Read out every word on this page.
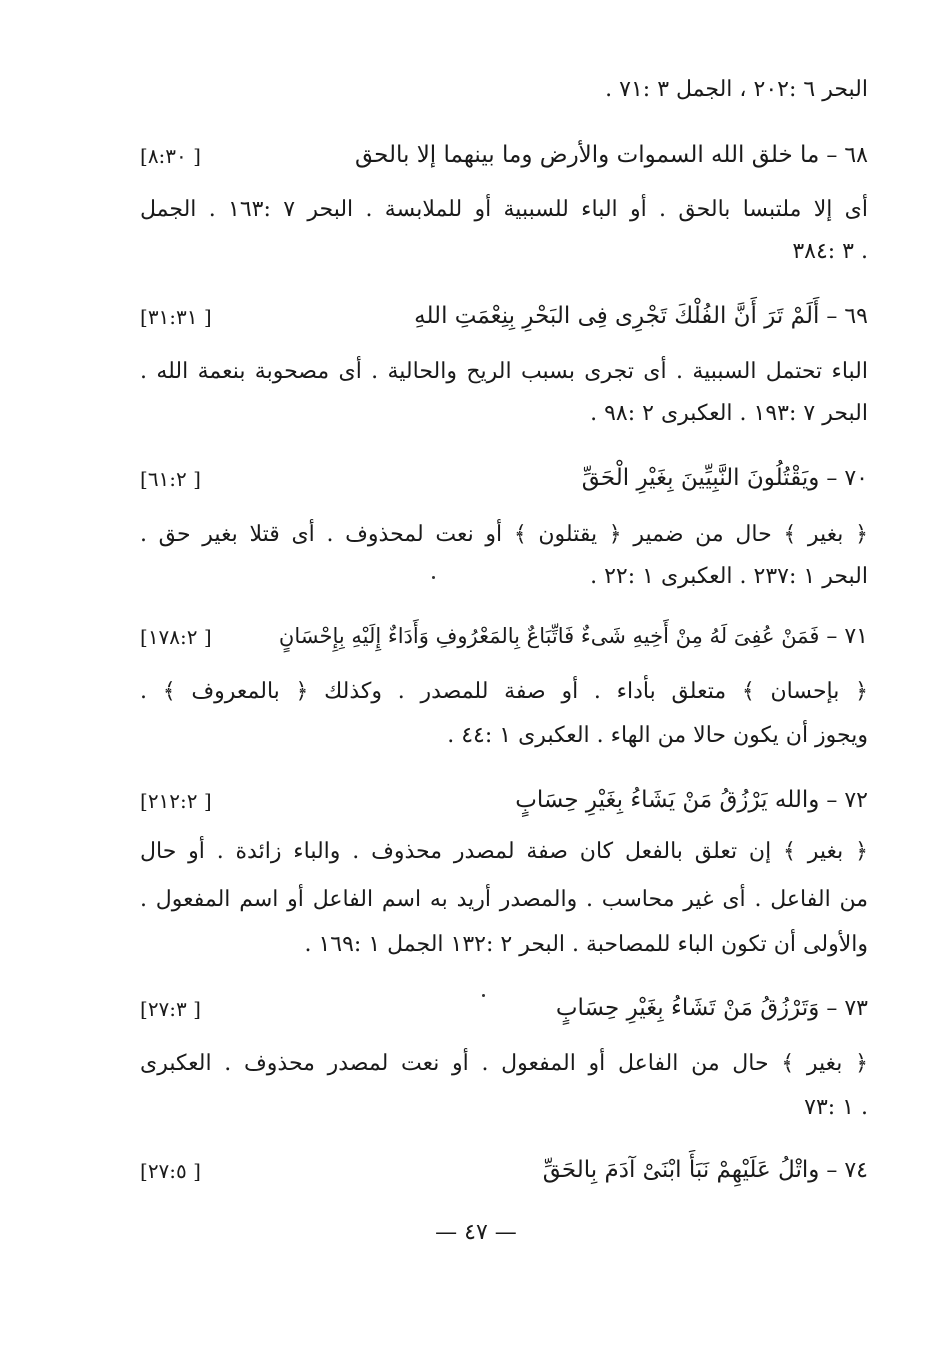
البحر ٦ :٢٠٢ ، الجمل ٣ :٧١ .
٦٨ – ما خلق الله السموات والأرض وما بينهما إلا بالحق
[٨:٣٠ ]
أى إلا ملتبسا بالحق . أو الباء للسببية أو للملابسة . البحر ٧ :١٦٣ . الجمل
. ٣ :٣٨٤
٦٩ – أَلَمْ تَرَ أَنَّ الفُلْكَ تَجْرِى فِى البَحْرِ بِنِعْمَتِ اللهِ
[٣١:٣١ ]
الباء تحتمل السببية . أى تجرى بسبب الريح والحالية . أى مصحوبة بنعمة الله .
البحر ٧ :١٩٣ . العكبرى ٢ :٩٨ .
٧٠ – ويَقْتُلُونَ النَّبِيِّينَ بِغَيْرِ الْحَقِّ
[٦١:٢ ]
﴿ بغير ﴾ حال من ضمير ﴿ يقتلون ﴾ أو نعت لمحذوف . أى قتلا بغير حق .
البحر ١ :٢٣٧ . العكبرى ١ :٢٢ .
٧١ – فَمَنْ عُفِىَ لَهُ مِنْ أَخِيهِ شَىءٌ فَاتِّبَاعٌ بِالمَعْرُوفِ وَأَدَاءٌ إِلَيْهِ بِإِحْسَانٍ
[١٧٨:٢ ]
﴿ بإحسان ﴾ متعلق بأداء . أو صفة للمصدر . وكذلك ﴿ بالمعروف ﴾ .
ويجوز أن يكون حالا من الهاء . العكبرى ١ :٤٤ .
٧٢ – والله يَرْزُقُ مَنْ يَشَاءُ بِغَيْرِ حِسَابٍ
[٢١٢:٢ ]
﴿ بغير ﴾ إن تعلق بالفعل كان صفة لمصدر محذوف . والباء زائدة . أو حال
من الفاعل . أى غير محاسب . والمصدر أريد به اسم الفاعل أو اسم المفعول .
والأولى أن تكون الباء للمصاحبة . البحر ٢ :١٣٢ الجمل ١ :١٦٩ .
٧٣ – وَتَرْزُقُ مَنْ تَشَاءُ بِغَيْرِ حِسَابٍ
[٢٧:٣ ]
﴿ بغير ﴾ حال من الفاعل أو المفعول . أو نعت لمصدر محذوف . العكبرى
. ١ :٧٣
٧٤ – واتْلُ عَلَيْهِمْ نَبَأَ ابْنَىْ آدَمَ بِالحَقِّ
[٢٧:٥ ]
— ٤٧ —
